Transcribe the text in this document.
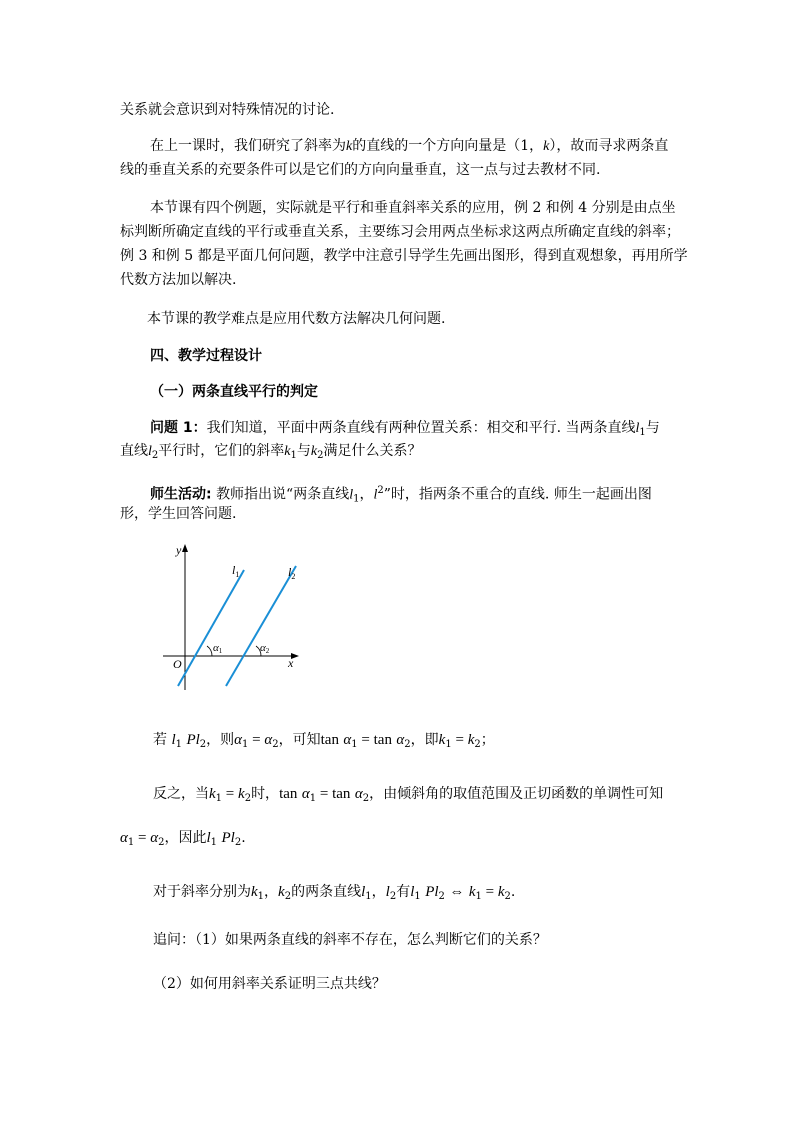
关系就会意识到对特殊情况的讨论.

在上一课时，我们研究了斜率为k的直线的一个方向向量是（1，k），故而寻求两条直

线的垂直关系的充要条件可以是它们的方向向量垂直，这一点与过去教材不同.

本节课有四个例题，实际就是平行和垂直斜率关系的应用，例 2 和例 4 分别是由点坐

标判断所确定直线的平行或垂直关系，主要练习会用两点坐标求这两点所确定直线的斜率；

例 3 和例 5 都是平面几何问题，教学中注意引导学生先画出图形，得到直观想象，再用所学

代数方法加以解决.

本节课的教学难点是应用代数方法解决几何问题.

四、教学过程设计

（一）两条直线平行的判定

问题 1：我们知道，平面中两条直线有两种位置关系：相交和平行. 当两条直线$l_1$与

直线$l_2$平行时，它们的斜率$k_1$与$k_2$满足什么关系？

师生活动: 教师指出说“两条直线$l_1$，$l^2$”时，指两条不重合的直线. 师生一起画出图

形，学生回答问题.

y
x
O
$l_1$	$l_2$
α1	α2

若 $l_1$ $Pl_2$，则$\alpha_1 = \alpha_2$，可知$\tan \alpha_1 = \tan \alpha_2$，即$k_1 = k_2$；

反之，当$k_1 = k_2$时，$\tan \alpha_1 = \tan \alpha_2$，由倾斜角的取值范围及正切函数的单调性可知

$\alpha_1 = \alpha_2$，因此$l_1$ $Pl_2$.

对于斜率分别为$k_1$，$k_2$的两条直线$l_1$，$l_2$有$l_1$ $Pl_2$ ⇔ $k_1 = k_2$.

追问：（1）如果两条直线的斜率不存在，怎么判断它们的关系？

（2）如何用斜率关系证明三点共线？
